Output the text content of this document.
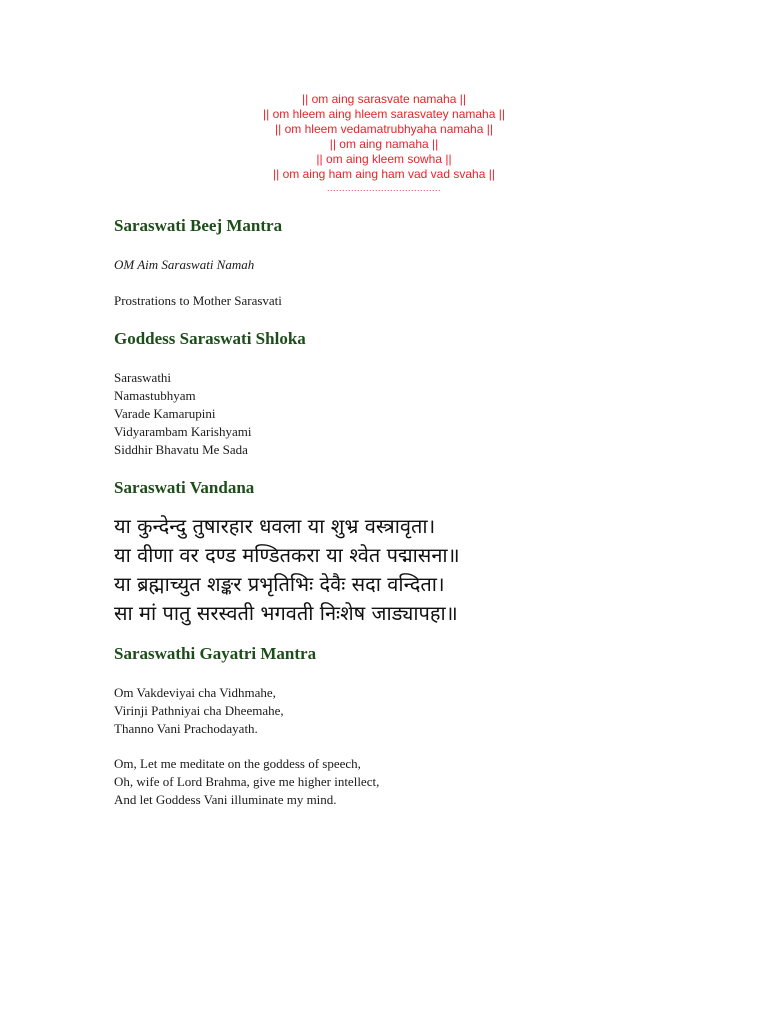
|| om aing sarasvate namaha ||
|| om hleem aing hleem sarasvatey namaha ||
|| om hleem vedamatrubhyaha namaha ||
|| om aing namaha ||
|| om aing kleem sowha ||
|| om aing ham aing ham vad vad svaha ||
......................................
Saraswati Beej Mantra

OM Aim Saraswati Namah

Prostrations to Mother Sarasvati

Goddess Saraswati Shloka

Saraswathi
Namastubhyam
Varade Kamarupini
Vidyarambam Karishyami
Siddhir Bhavatu Me Sada

Saraswati Vandana
या कुन्देन्दु तुषारहार धवला या शुभ्र वस्त्रावृता।
या वीणा वर दण्ड मण्डितकरा या श्वेत पद्मासना॥
या ब्रह्माच्युत शङ्कर प्रभृतिभिः देवैः सदा वन्दिता।
सा मां पातु सरस्वती भगवती निःशेष जाड्यापहा॥
Saraswathi Gayatri Mantra

Om Vakdeviyai cha Vidhmahe,
Virinji Pathniyai cha Dheemahe,
Thanno Vani Prachodayath.

Om, Let me meditate on the goddess of speech,
Oh, wife of Lord Brahma, give me higher intellect,
And let Goddess Vani illuminate my mind.
